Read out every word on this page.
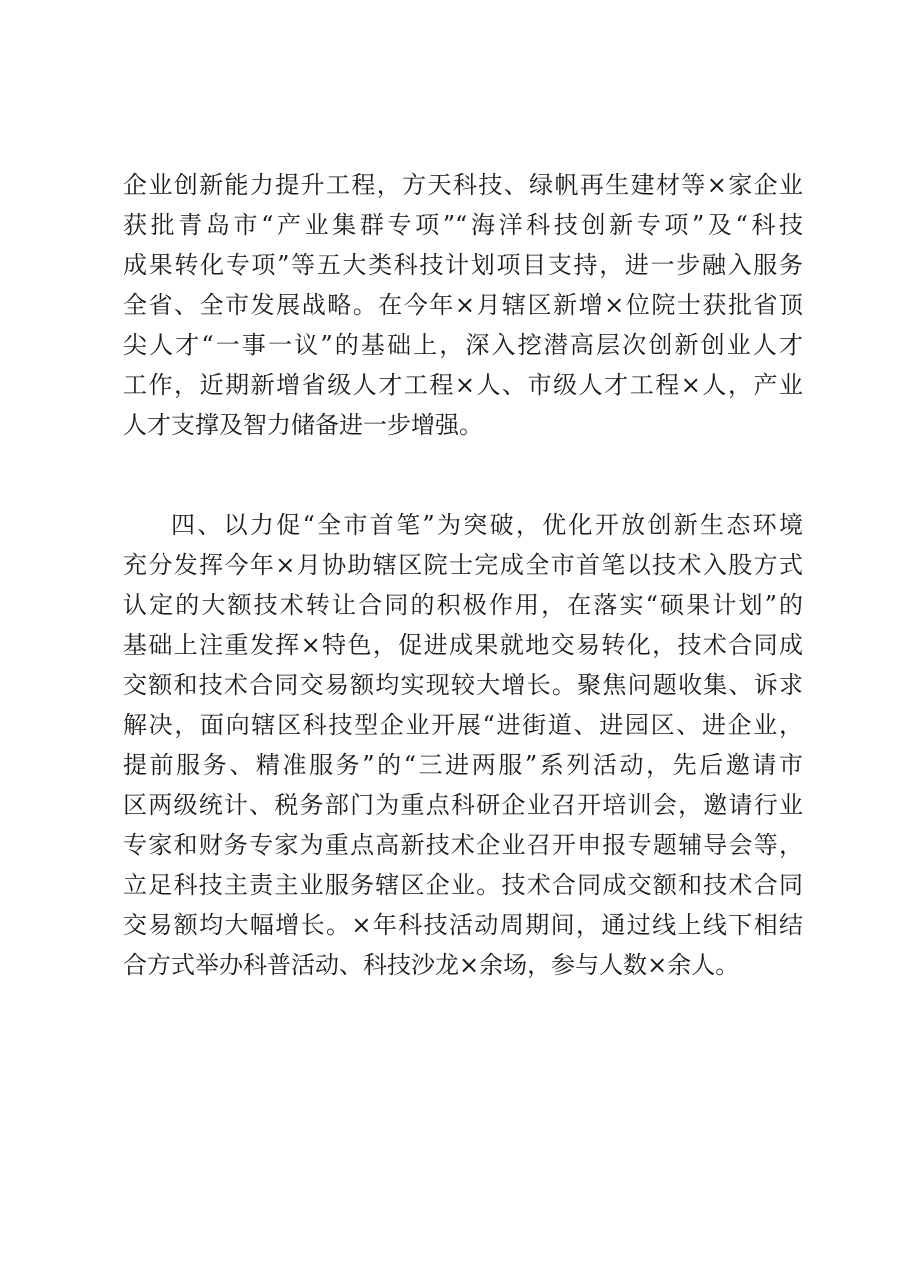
企业创新能力提升工程，方天科技、绿帆再生建材等×家企业
获批青岛市“产业集群专项”“海洋科技创新专项”及“科技
成果转化专项”等五大类科技计划项目支持，进一步融入服务
全省、全市发展战略。在今年×月辖区新增×位院士获批省顶
尖人才“一事一议”的基础上，深入挖潜高层次创新创业人才
工作，近期新增省级人才工程×人、市级人才工程×人，产业
人才支撑及智力储备进一步增强。
四、以力促“全市首笔”为突破，优化开放创新生态环境
充分发挥今年×月协助辖区院士完成全市首笔以技术入股方式
认定的大额技术转让合同的积极作用，在落实“硕果计划”的
基础上注重发挥×特色，促进成果就地交易转化，技术合同成
交额和技术合同交易额均实现较大增长。聚焦问题收集、诉求
解决，面向辖区科技型企业开展“进街道、进园区、进企业，
提前服务、精准服务”的“三进两服”系列活动，先后邀请市
区两级统计、税务部门为重点科研企业召开培训会，邀请行业
专家和财务专家为重点高新技术企业召开申报专题辅导会等，
立足科技主责主业服务辖区企业。技术合同成交额和技术合同
交易额均大幅增长。×年科技活动周期间，通过线上线下相结
合方式举办科普活动、科技沙龙×余场，参与人数×余人。
